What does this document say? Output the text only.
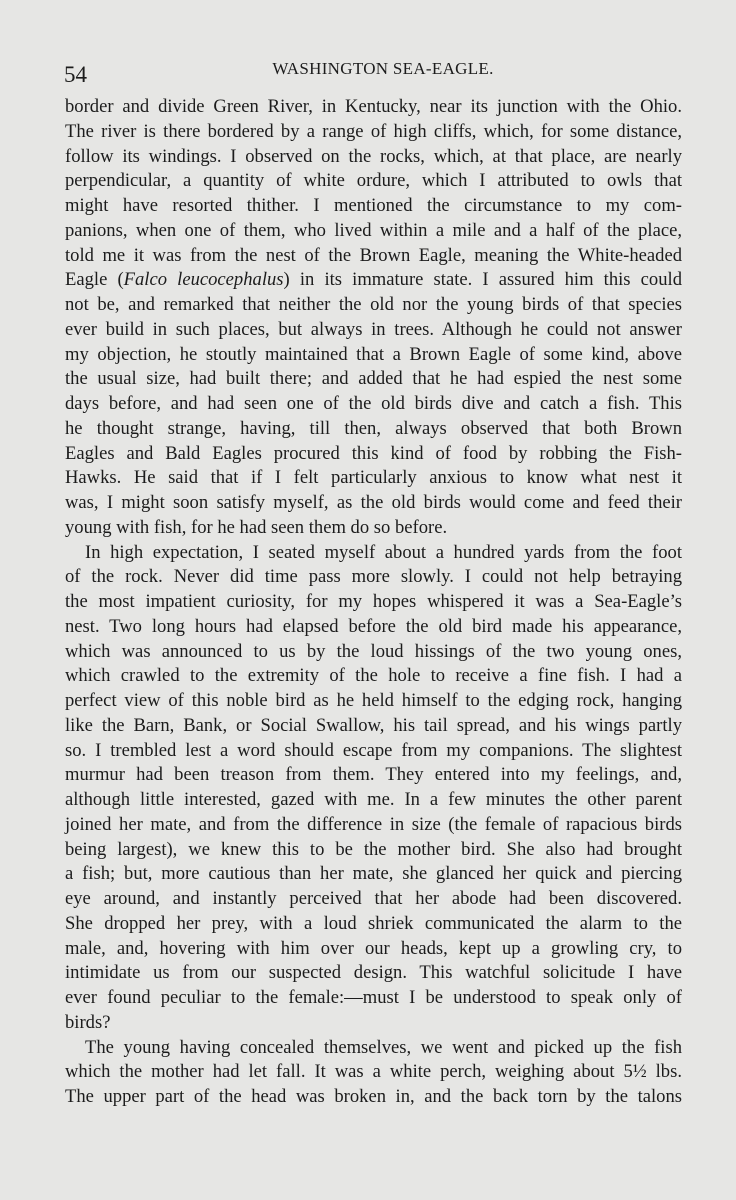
54	WASHINGTON SEA-EAGLE.
border and divide Green River, in Kentucky, near its junction with the Ohio.
The river is there bordered by a range of high cliffs, which, for some distance,
follow its windings. I observed on the rocks, which, at that place, are nearly
perpendicular, a quantity of white ordure, which I attributed to owls that
might have resorted thither. I mentioned the circumstance to my com-
panions, when one of them, who lived within a mile and a half of the place,
told me it was from the nest of the Brown Eagle, meaning the White-headed
Eagle (Falco leucocephalus) in its immature state. I assured him this could
not be, and remarked that neither the old nor the young birds of that species
ever build in such places, but always in trees. Although he could not answer
my objection, he stoutly maintained that a Brown Eagle of some kind, above
the usual size, had built there; and added that he had espied the nest some
days before, and had seen one of the old birds dive and catch a fish. This
he thought strange, having, till then, always observed that both Brown
Eagles and Bald Eagles procured this kind of food by robbing the Fish-
Hawks. He said that if I felt particularly anxious to know what nest it
was, I might soon satisfy myself, as the old birds would come and feed their
young with fish, for he had seen them do so before.
In high expectation, I seated myself about a hundred yards from the foot
of the rock. Never did time pass more slowly. I could not help betraying
the most impatient curiosity, for my hopes whispered it was a Sea-Eagle’s
nest. Two long hours had elapsed before the old bird made his appearance,
which was announced to us by the loud hissings of the two young ones,
which crawled to the extremity of the hole to receive a fine fish. I had a
perfect view of this noble bird as he held himself to the edging rock, hanging
like the Barn, Bank, or Social Swallow, his tail spread, and his wings partly
so. I trembled lest a word should escape from my companions. The slightest
murmur had been treason from them. They entered into my feelings, and,
although little interested, gazed with me. In a few minutes the other parent
joined her mate, and from the difference in size (the female of rapacious birds
being largest), we knew this to be the mother bird. She also had brought
a fish; but, more cautious than her mate, she glanced her quick and piercing
eye around, and instantly perceived that her abode had been discovered.
She dropped her prey, with a loud shriek communicated the alarm to the
male, and, hovering with him over our heads, kept up a growling cry, to
intimidate us from our suspected design. This watchful solicitude I have
ever found peculiar to the female:—must I be understood to speak only of
birds?
The young having concealed themselves, we went and picked up the fish
which the mother had let fall. It was a white perch, weighing about 5½ lbs.
The upper part of the head was broken in, and the back torn by the talons
